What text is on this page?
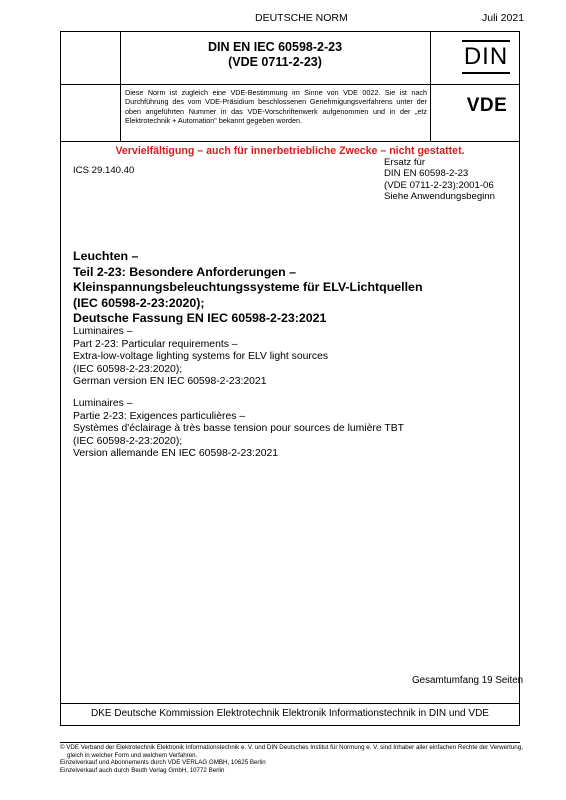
DEUTSCHE NORM	Juli 2021
DIN EN IEC 60598-2-23
(VDE 0711-2-23)	DIN
Diese Norm ist zugleich eine VDE-Bestimmung im Sinne von VDE 0022. Sie ist nach Durchführung des vom VDE-Präsidium beschlossenen Genehmigungsverfahrens unter der oben angeführten Nummer in das VDE-Vorschriftenwerk aufgenommen und in der „etz Elektrotechnik + Automation" bekannt gegeben worden.
VDE
Vervielfältigung – auch für innerbetriebliche Zwecke – nicht gestattet.
ICS 29.140.40
Ersatz für
DIN EN 60598-2-23
(VDE 0711-2-23):2001-06
Siehe Anwendungsbeginn
Leuchten –
Teil 2-23: Besondere Anforderungen –
Kleinspannungsbeleuchtungssysteme für ELV-Lichtquellen
(IEC 60598-2-23:2020);
Deutsche Fassung EN IEC 60598-2-23:2021
Luminaires –
Part 2-23: Particular requirements –
Extra-low-voltage lighting systems for ELV light sources
(IEC 60598-2-23:2020);
German version EN IEC 60598-2-23:2021
Luminaires –
Partie 2-23: Exigences particulières –
Systèmes d'éclairage à très basse tension pour sources de lumière TBT
(IEC 60598-2-23:2020);
Version allemande EN IEC 60598-2-23:2021
Gesamtumfang 19 Seiten
DKE Deutsche Kommission Elektrotechnik Elektronik Informationstechnik in DIN und VDE
© VDE Verband der Elektrotechnik Elektronik Informationstechnik e. V. und DIN Deutsches Institut für Normung e. V. sind Inhaber aller einfachen Rechte der Verwertung,
gleich in welcher Form und welchem Verfahren.
Einzelverkauf und Abonnements durch VDE VERLAG GMBH, 10625 Berlin
Einzelverkauf auch durch Beuth Verlag GmbH, 10772 Berlin
